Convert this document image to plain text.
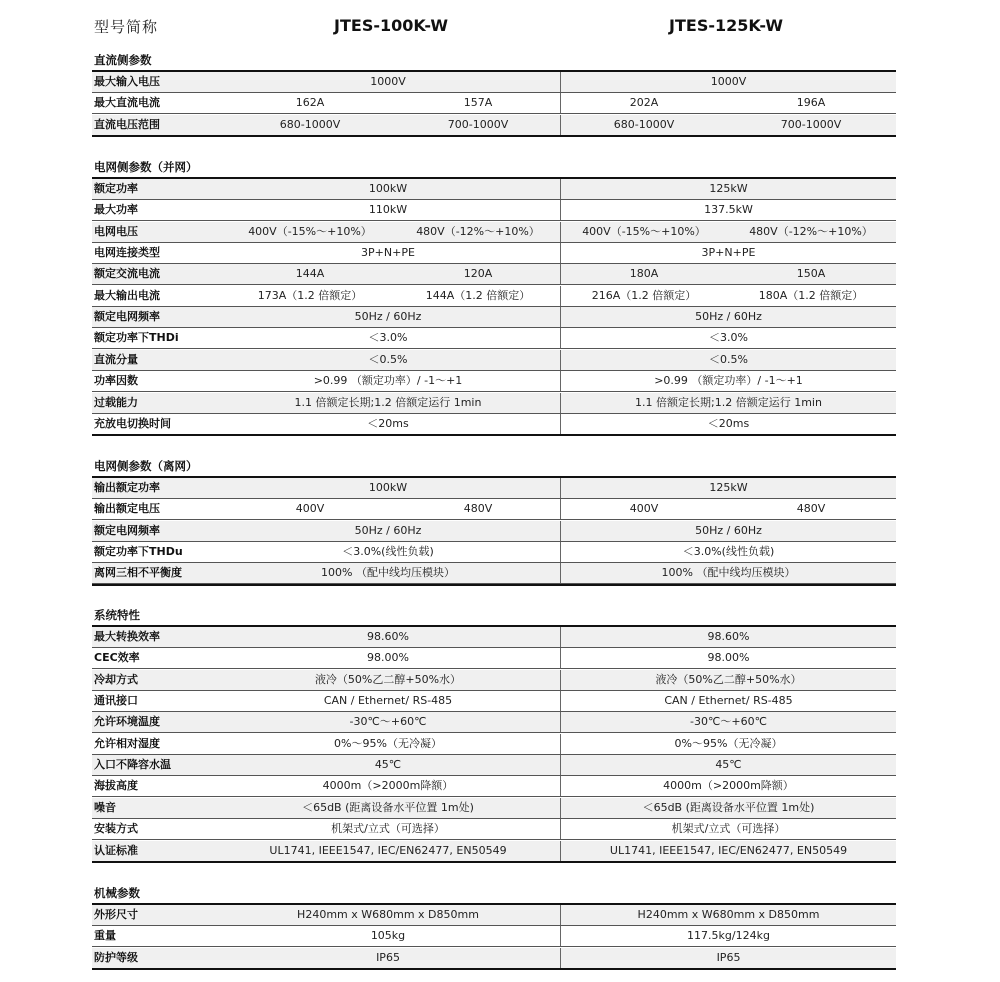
型号简称	JTES-100K-W	JTES-125K-W
直流侧参数
最大输入电压	1000V	1000V
最大直流电流	162A	157A	202A	196A
直流电压范围	680-1000V	700-1000V	680-1000V	700-1000V
电网侧参数（并网）
额定功率	100kW	125kW
最大功率	110kW	137.5kW
电网电压	400V（-15%～+10%）	480V（-12%～+10%）	400V（-15%～+10%）	480V（-12%～+10%）
电网连接类型	3P+N+PE	3P+N+PE
额定交流电流	144A	120A	180A	150A
最大输出电流	173A（1.2 倍额定）	144A（1.2 倍额定）	216A（1.2 倍额定）	180A（1.2 倍额定）
额定电网频率	50Hz / 60Hz	50Hz / 60Hz
额定功率下THDi	＜3.0%	＜3.0%
直流分量	＜0.5%	＜0.5%
功率因数	>0.99 （额定功率）/ -1～+1	>0.99 （额定功率）/ -1～+1
过载能力	1.1 倍额定长期;1.2 倍额定运行 1min	1.1 倍额定长期;1.2 倍额定运行 1min
充放电切换时间	＜20ms	＜20ms
电网侧参数（离网）
输出额定功率	100kW	125kW
输出额定电压	400V	480V	400V	480V
额定电网频率	50Hz / 60Hz	50Hz / 60Hz
额定功率下THDu	＜3.0%(线性负载)	＜3.0%(线性负载)
离网三相不平衡度	100% （配中线均压模块）	100% （配中线均压模块）
系统特性
最大转换效率	98.60%	98.60%
CEC效率	98.00%	98.00%
冷却方式	液冷（50%乙二醇+50%水）	液冷（50%乙二醇+50%水）
通讯接口	CAN / Ethernet/ RS-485	CAN / Ethernet/ RS-485
允许环境温度	-30℃～+60℃	-30℃～+60℃
允许相对湿度	0%～95%（无冷凝）	0%～95%（无冷凝）
入口不降容水温	45℃	45℃
海拔高度	4000m（>2000m降额）	4000m（>2000m降额）
噪音	＜65dB (距离设备水平位置 1m处)	＜65dB (距离设备水平位置 1m处)
安装方式	机架式/立式（可选择）	机架式/立式（可选择）
认证标准	UL1741, IEEE1547, IEC/EN62477, EN50549	UL1741, IEEE1547, IEC/EN62477, EN50549
机械参数
外形尺寸	H240mm x W680mm x D850mm	H240mm x W680mm x D850mm
重量	105kg	117.5kg/124kg
防护等级	IP65	IP65
